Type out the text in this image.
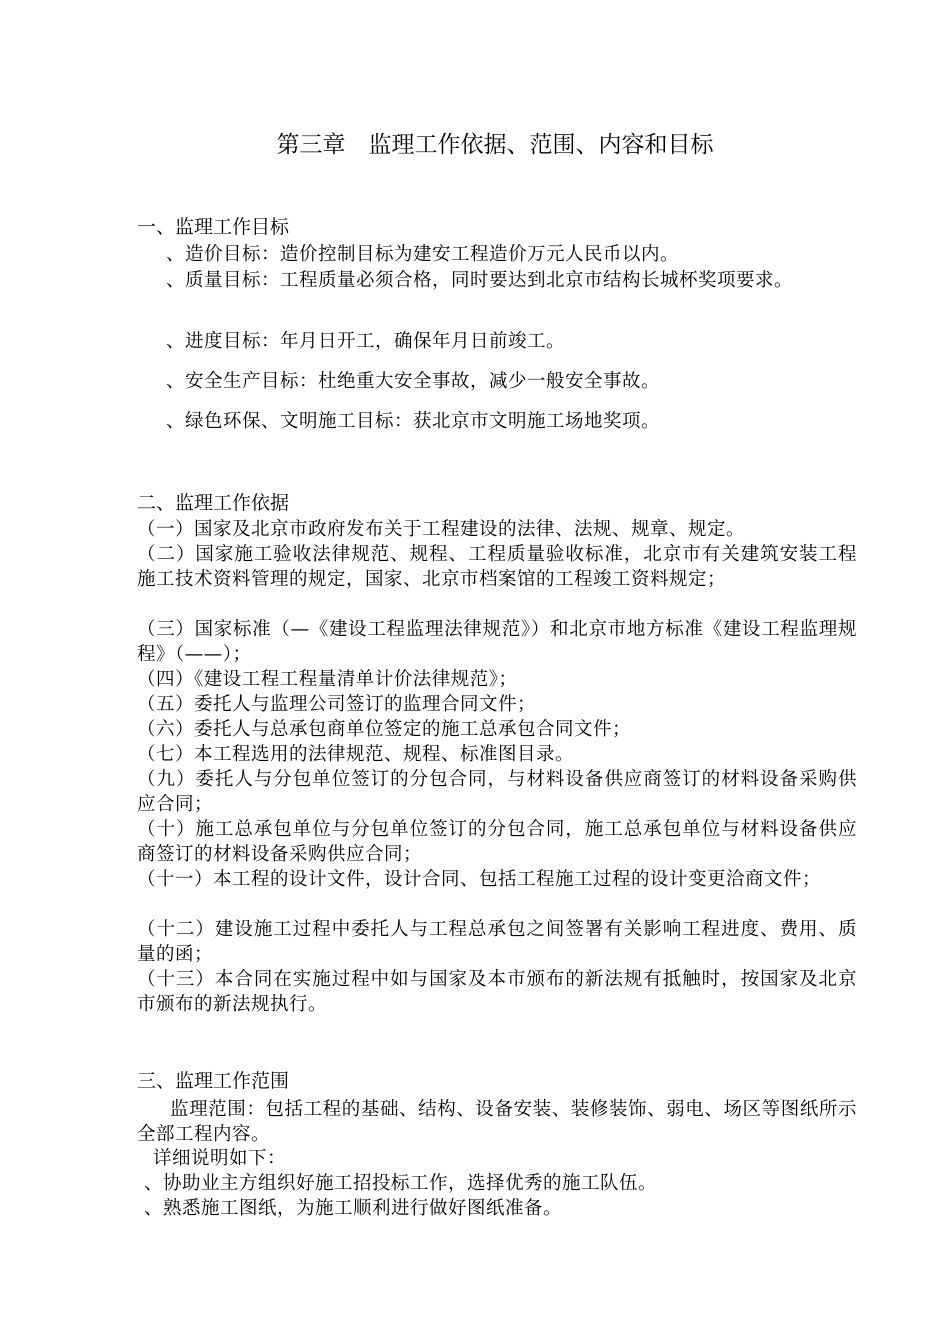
第三章　监理工作依据、范围、内容和目标
一、监理工作目标
、造价目标：造价控制目标为建安工程造价万元人民币以内。
、质量目标：工程质量必须合格，同时要达到北京市结构长城杯奖项要求。
、进度目标：年月日开工，确保年月日前竣工。
、安全生产目标：杜绝重大安全事故，减少一般安全事故。
、绿色环保、文明施工目标：获北京市文明施工场地奖项。
二、监理工作依据
（一）国家及北京市政府发布关于工程建设的法律、法规、规章、规定。
（二）国家施工验收法律规范、规程、工程质量验收标准，北京市有关建筑安装工程施工技术资料管理的规定，国家、北京市档案馆的工程竣工资料规定；
（三）国家标准（—《建设工程监理法律规范》）和北京市地方标准《建设工程监理规程》（——）；
（四）《建设工程工程量清单计价法律规范》；
（五）委托人与监理公司签订的监理合同文件；
（六）委托人与总承包商单位签定的施工总承包合同文件；
（七）本工程选用的法律规范、规程、标准图目录。
（九）委托人与分包单位签订的分包合同，与材料设备供应商签订的材料设备采购供应合同；
（十）施工总承包单位与分包单位签订的分包合同，施工总承包单位与材料设备供应商签订的材料设备采购供应合同；
（十一）本工程的设计文件，设计合同、包括工程施工过程的设计变更洽商文件；
（十二）建设施工过程中委托人与工程总承包之间签署有关影响工程进度、费用、质量的函；
（十三）本合同在实施过程中如与国家及本市颁布的新法规有抵触时，按国家及北京市颁布的新法规执行。
三、监理工作范围
监理范围：包括工程的基础、结构、设备安装、装修装饰、弱电、场区等图纸所示全部工程内容。
详细说明如下：
、协助业主方组织好施工招投标工作，选择优秀的施工队伍。
、熟悉施工图纸，为施工顺利进行做好图纸准备。
